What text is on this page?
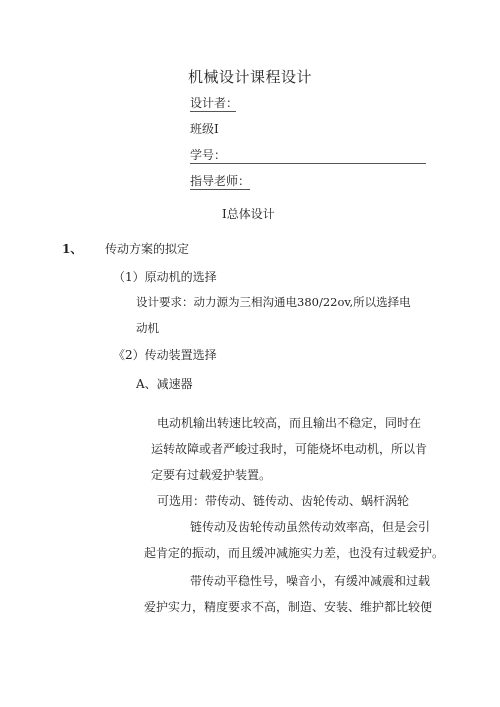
机械设计课程设计
设计者：
班级I
学号：
指导老师：
I总体设计
1、 传动方案的拟定
（1）原动机的选择
设计要求：动力源为三相沟通电380/22ov,所以选择电
动机
《2）传动装置选择
A、减速器
电动机输出转速比较高，而且输出不稳定，同时在
运转故障或者严峻过我时，可能烧坏电动机，所以肯
定要有过载爱护装置。
可选用：带传动、链传动、齿轮传动、蜗杆涡轮
链传动及齿轮传动虽然传动效率高，但是会引
起肯定的振动，而且缓冲减施实力差，也没有过载爱护。
带传动平稳性号，噪音小，有缓冲减震和过载
爱护实力，精度要求不高，制造、安装、维护都比较便
